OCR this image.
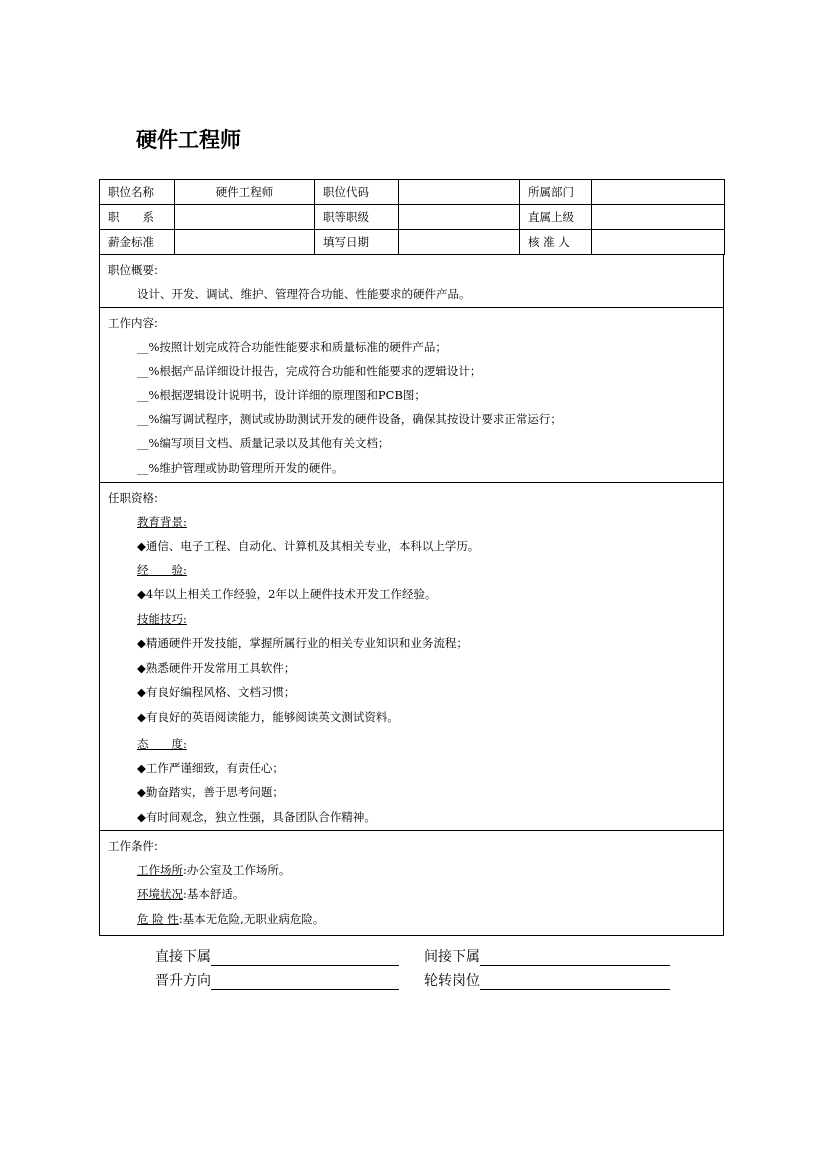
硬件工程师
职位名称	硬件工程师	职位代码		所属部门	
职　　系		职等职级		直属上级	
薪金标准		填写日期		核 准 人	
职位概要:
设计、开发、调试、维护、管理符合功能、性能要求的硬件产品。
工作内容:
__%按照计划完成符合功能性能要求和质量标准的硬件产品；
__%根据产品详细设计报告，完成符合功能和性能要求的逻辑设计；
__%根据逻辑设计说明书，设计详细的原理图和PCB图；
__%编写调试程序，测试或协助测试开发的硬件设备，确保其按设计要求正常运行；
__%编写项目文档、质量记录以及其他有关文档；
__%维护管理或协助管理所开发的硬件。
任职资格:
教育背景:
◆通信、电子工程、自动化、计算机及其相关专业，本科以上学历。
经　　验:
◆4年以上相关工作经验，2年以上硬件技术开发工作经验。
技能技巧:
◆精通硬件开发技能，掌握所属行业的相关专业知识和业务流程；
◆熟悉硬件开发常用工具软件；
◆有良好编程风格、文档习惯；
◆有良好的英语阅读能力，能够阅读英文测试资料。
态　　度:
◆工作严谨细致，有责任心；
◆勤奋踏实，善于思考问题；
◆有时间观念，独立性强，具备团队合作精神。
工作条件:
工作场所:办公室及工作场所。
环境状况:基本舒适。
危 险 性:基本无危险,无职业病危险。
直接下属	间接下属
晋升方向	轮转岗位
